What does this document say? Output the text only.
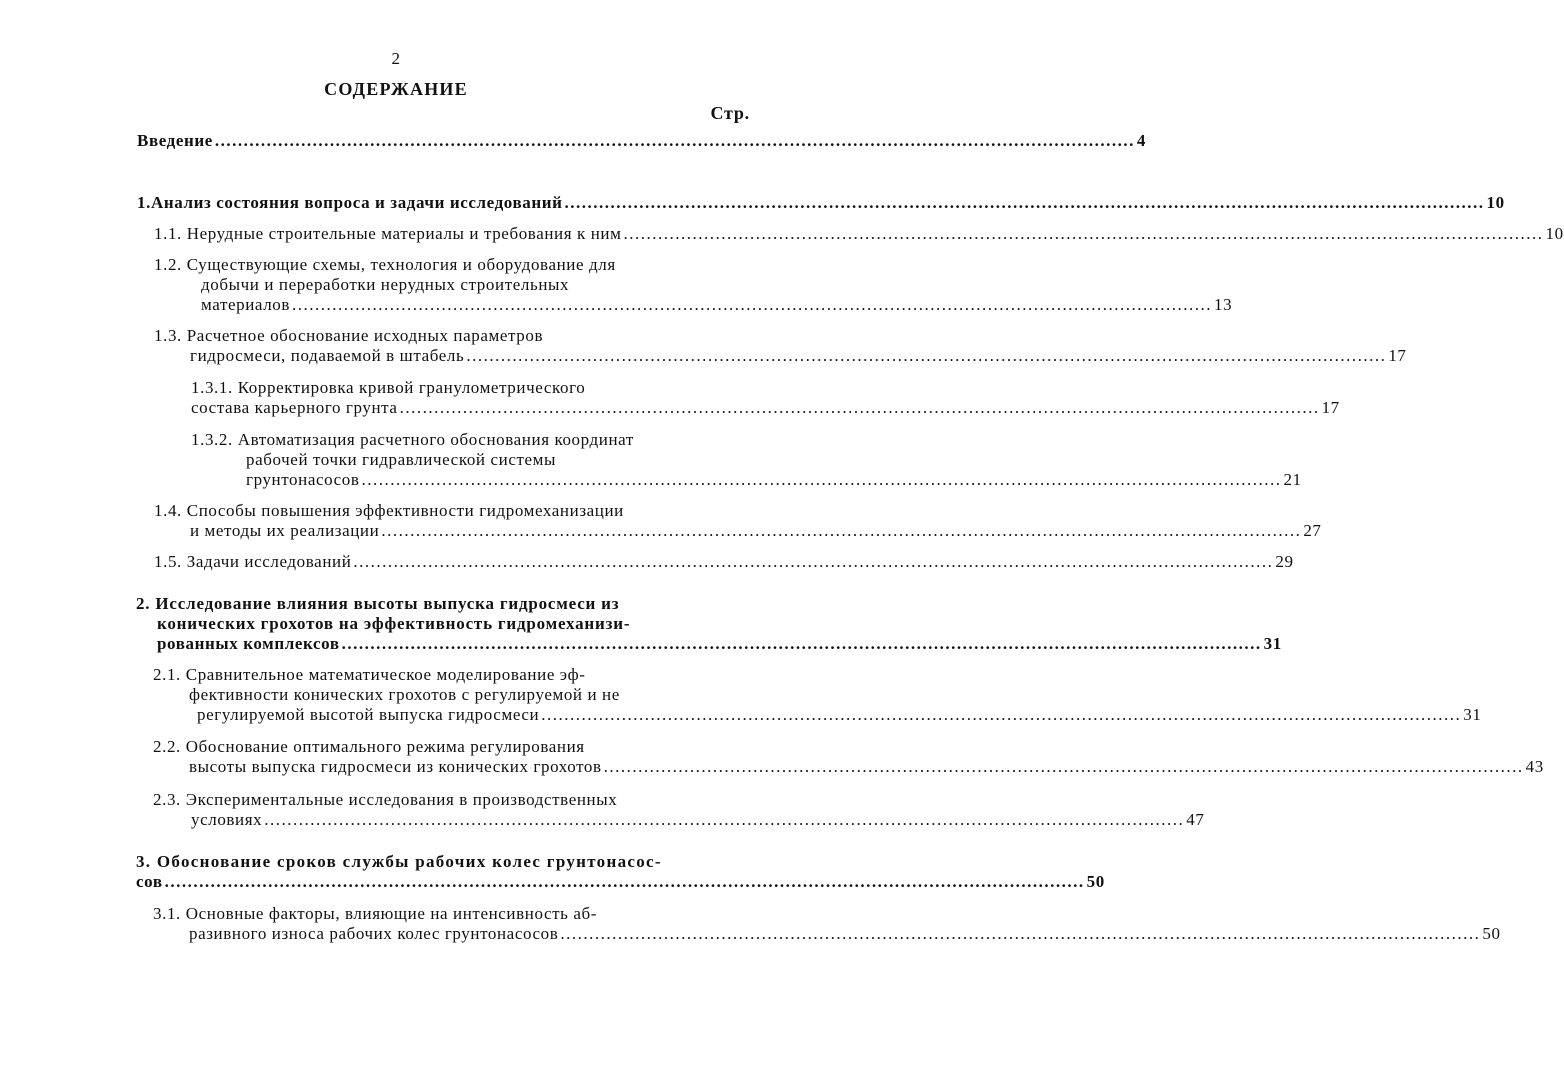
2
СОДЕРЖАНИЕ
Стр.
Введение ................................................................................................................................................................ 4
1.Анализ состояния вопроса и задачи исследований ................................................................................................................................................................ 10
1.1. Нерудные строительные материалы и требования к ним ................................................................................................................................................................ 10
1.2. Существующие схемы, технология и оборудование для
добычи и переработки нерудных строительных
материалов ................................................................................................................................................................ 13
1.3. Расчетное обоснование исходных параметров
гидросмеси, подаваемой в штабель ................................................................................................................................................................ 17
1.3.1. Корректировка кривой гранулометрического
состава карьерного грунта ................................................................................................................................................................ 17
1.3.2. Автоматизация расчетного обоснования координат
рабочей точки гидравлической системы
грунтонасосов ................................................................................................................................................................ 21
1.4. Способы повышения эффективности гидромеханизации
и методы их реализации ................................................................................................................................................................ 27
1.5. Задачи исследований ................................................................................................................................................................ 29
2. Исследование влияния высоты выпуска гидросмеси из
конических грохотов на эффективность гидромеханизи-
рованных комплексов ................................................................................................................................................................ 31
2.1. Сравнительное математическое моделирование эф-
фективности конических грохотов с регулируемой и не
регулируемой высотой выпуска гидросмеси ................................................................................................................................................................ 31
2.2. Обоснование оптимального режима регулирования
высоты выпуска гидросмеси из конических грохотов ................................................................................................................................................................ 43
2.3. Экспериментальные исследования в производственных
условиях ................................................................................................................................................................ 47
3. Обоснование сроков службы рабочих колес грунтонасос-
сов ................................................................................................................................................................ 50
3.1. Основные факторы, влияющие на интенсивность аб-
разивного износа рабочих колес грунтонасосов ................................................................................................................................................................ 50
